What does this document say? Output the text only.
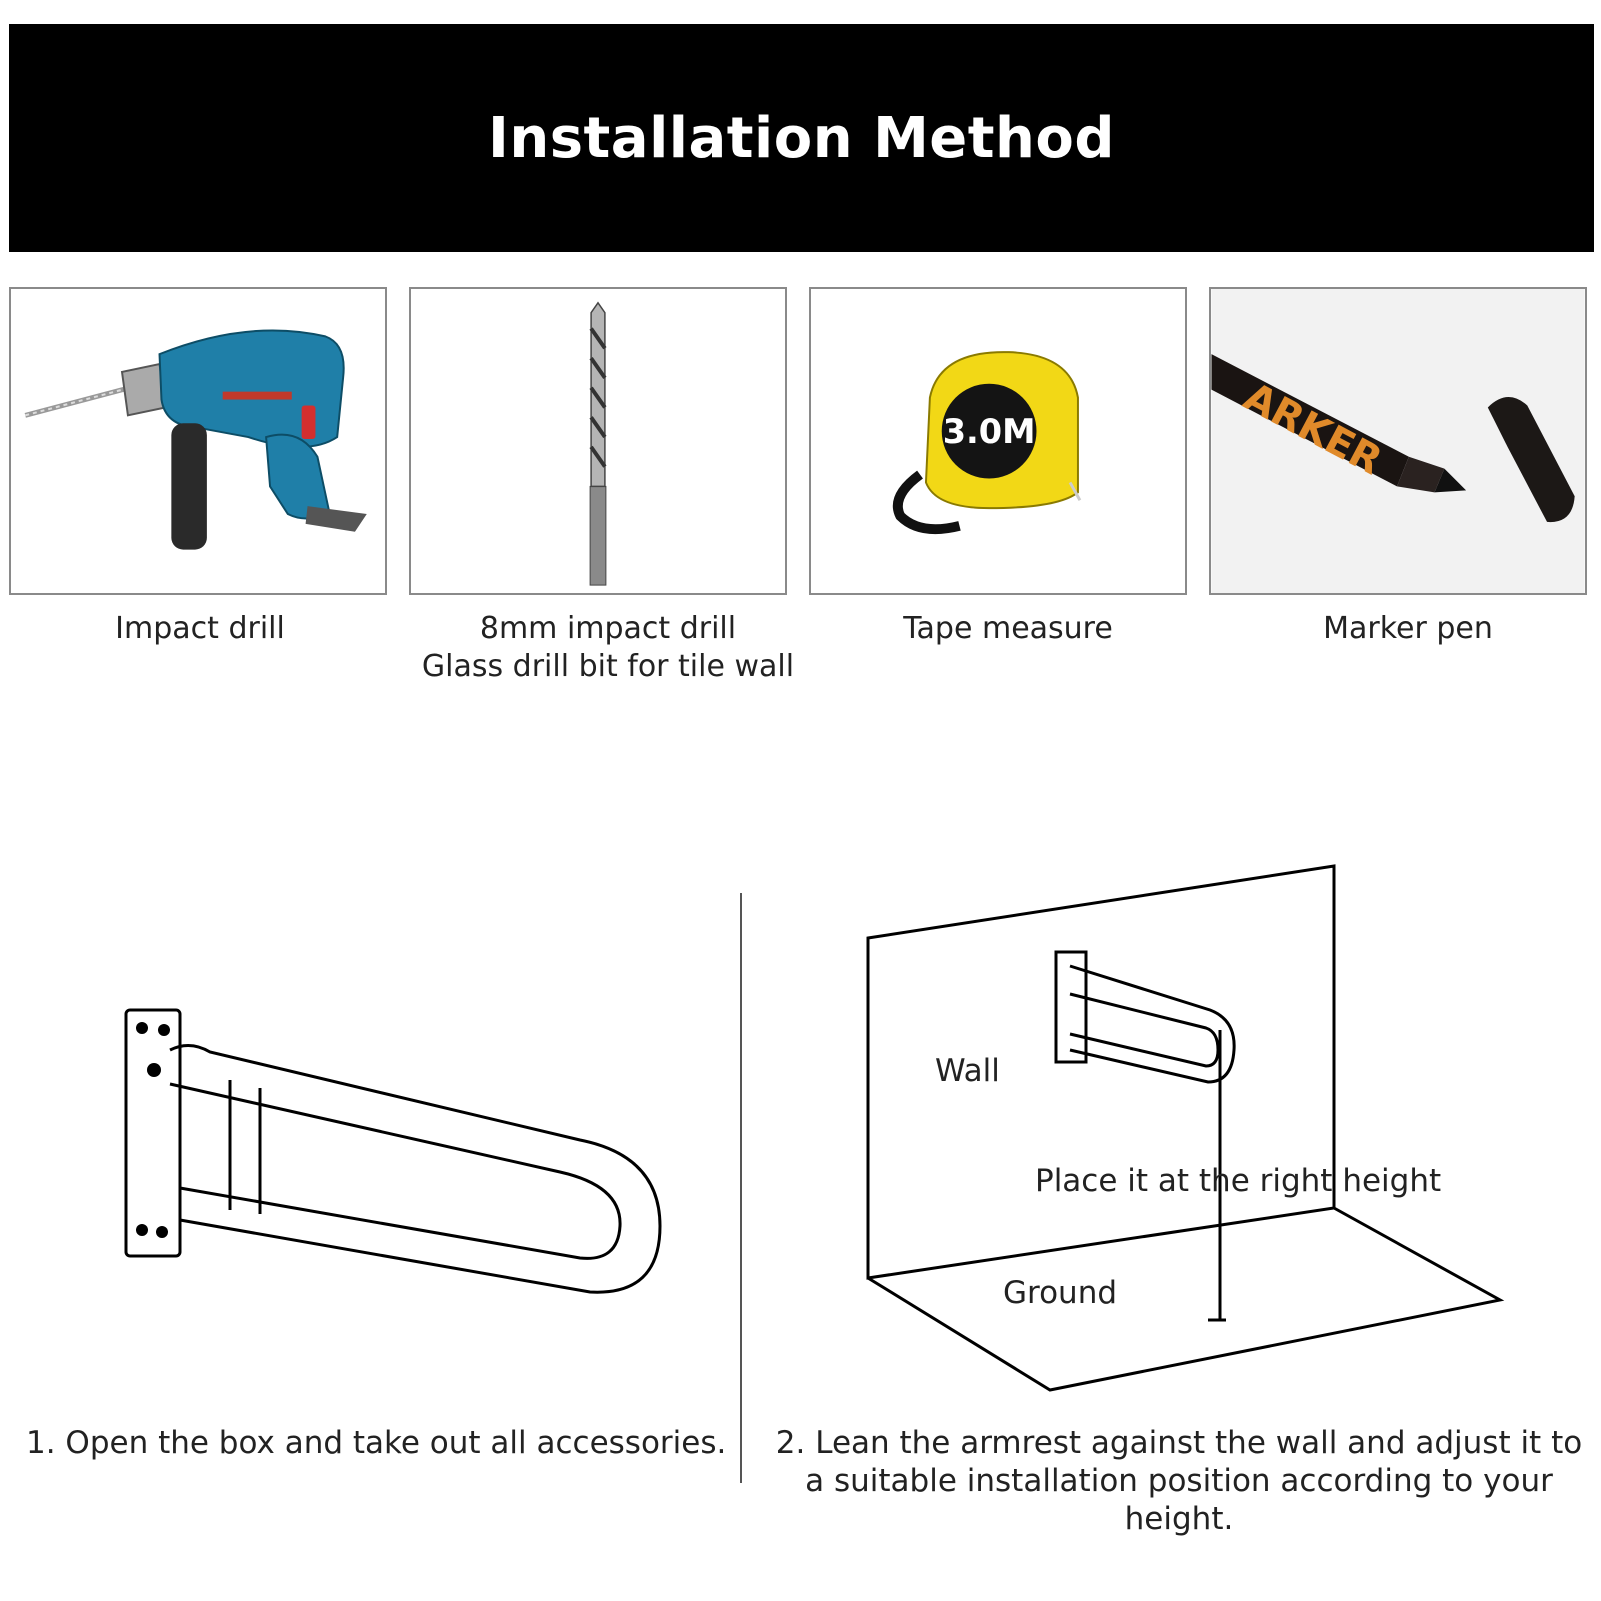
Installation Method
3.0M	ARKER
Impact drill	8mm impact drill
Glass drill bit for tile wall
Tape measure	Marker pen
Wall
Place it at the right height
Ground
1. Open the box and take out all accessories.	2. Lean the armrest against the wall and adjust it to a suitable installation position according to your height.
